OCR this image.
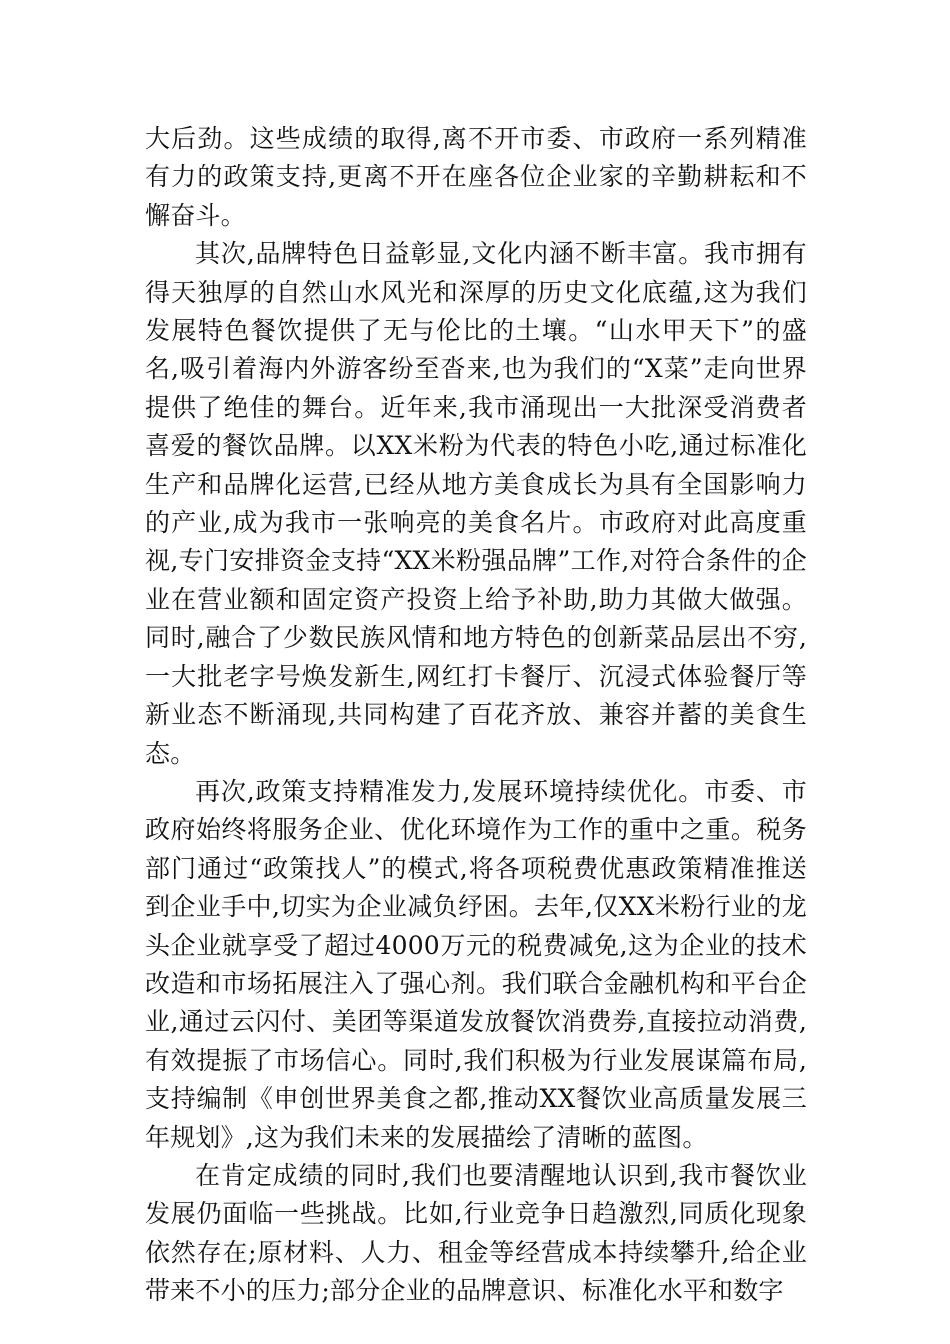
大后劲。这些成绩的取得,离不开市委、市政府一系列精准有力的政策支持,更离不开在座各位企业家的辛勤耕耘和不懈奋斗。

其次,品牌特色日益彰显,文化内涵不断丰富。我市拥有得天独厚的自然山水风光和深厚的历史文化底蕴,这为我们发展特色餐饮提供了无与伦比的土壤。“山水甲天下”的盛名,吸引着海内外游客纷至沓来,也为我们的“X菜”走向世界提供了绝佳的舞台。近年来,我市涌现出一大批深受消费者喜爱的餐饮品牌。以XX米粉为代表的特色小吃,通过标准化生产和品牌化运营,已经从地方美食成长为具有全国影响力的产业,成为我市一张响亮的美食名片。市政府对此高度重视,专门安排资金支持“XX米粉强品牌”工作,对符合条件的企业在营业额和固定资产投资上给予补助,助力其做大做强。同时,融合了少数民族风情和地方特色的创新菜品层出不穷,一大批老字号焕发新生,网红打卡餐厅、沉浸式体验餐厅等新业态不断涌现,共同构建了百花齐放、兼容并蓄的美食生态。

再次,政策支持精准发力,发展环境持续优化。市委、市政府始终将服务企业、优化环境作为工作的重中之重。税务部门通过“政策找人”的模式,将各项税费优惠政策精准推送到企业手中,切实为企业减负纾困。去年,仅XX米粉行业的龙头企业就享受了超过4000万元的税费减免,这为企业的技术改造和市场拓展注入了强心剂。我们联合金融机构和平台企业,通过云闪付、美团等渠道发放餐饮消费券,直接拉动消费,有效提振了市场信心。同时,我们积极为行业发展谋篇布局,支持编制《申创世界美食之都,推动XX餐饮业高质量发展三年规划》,这为我们未来的发展描绘了清晰的蓝图。

在肯定成绩的同时,我们也要清醒地认识到,我市餐饮业发展仍面临一些挑战。比如,行业竞争日趋激烈,同质化现象依然存在;原材料、人力、租金等经营成本持续攀升,给企业带来不小的压力;部分企业的品牌意识、标准化水平和数字
